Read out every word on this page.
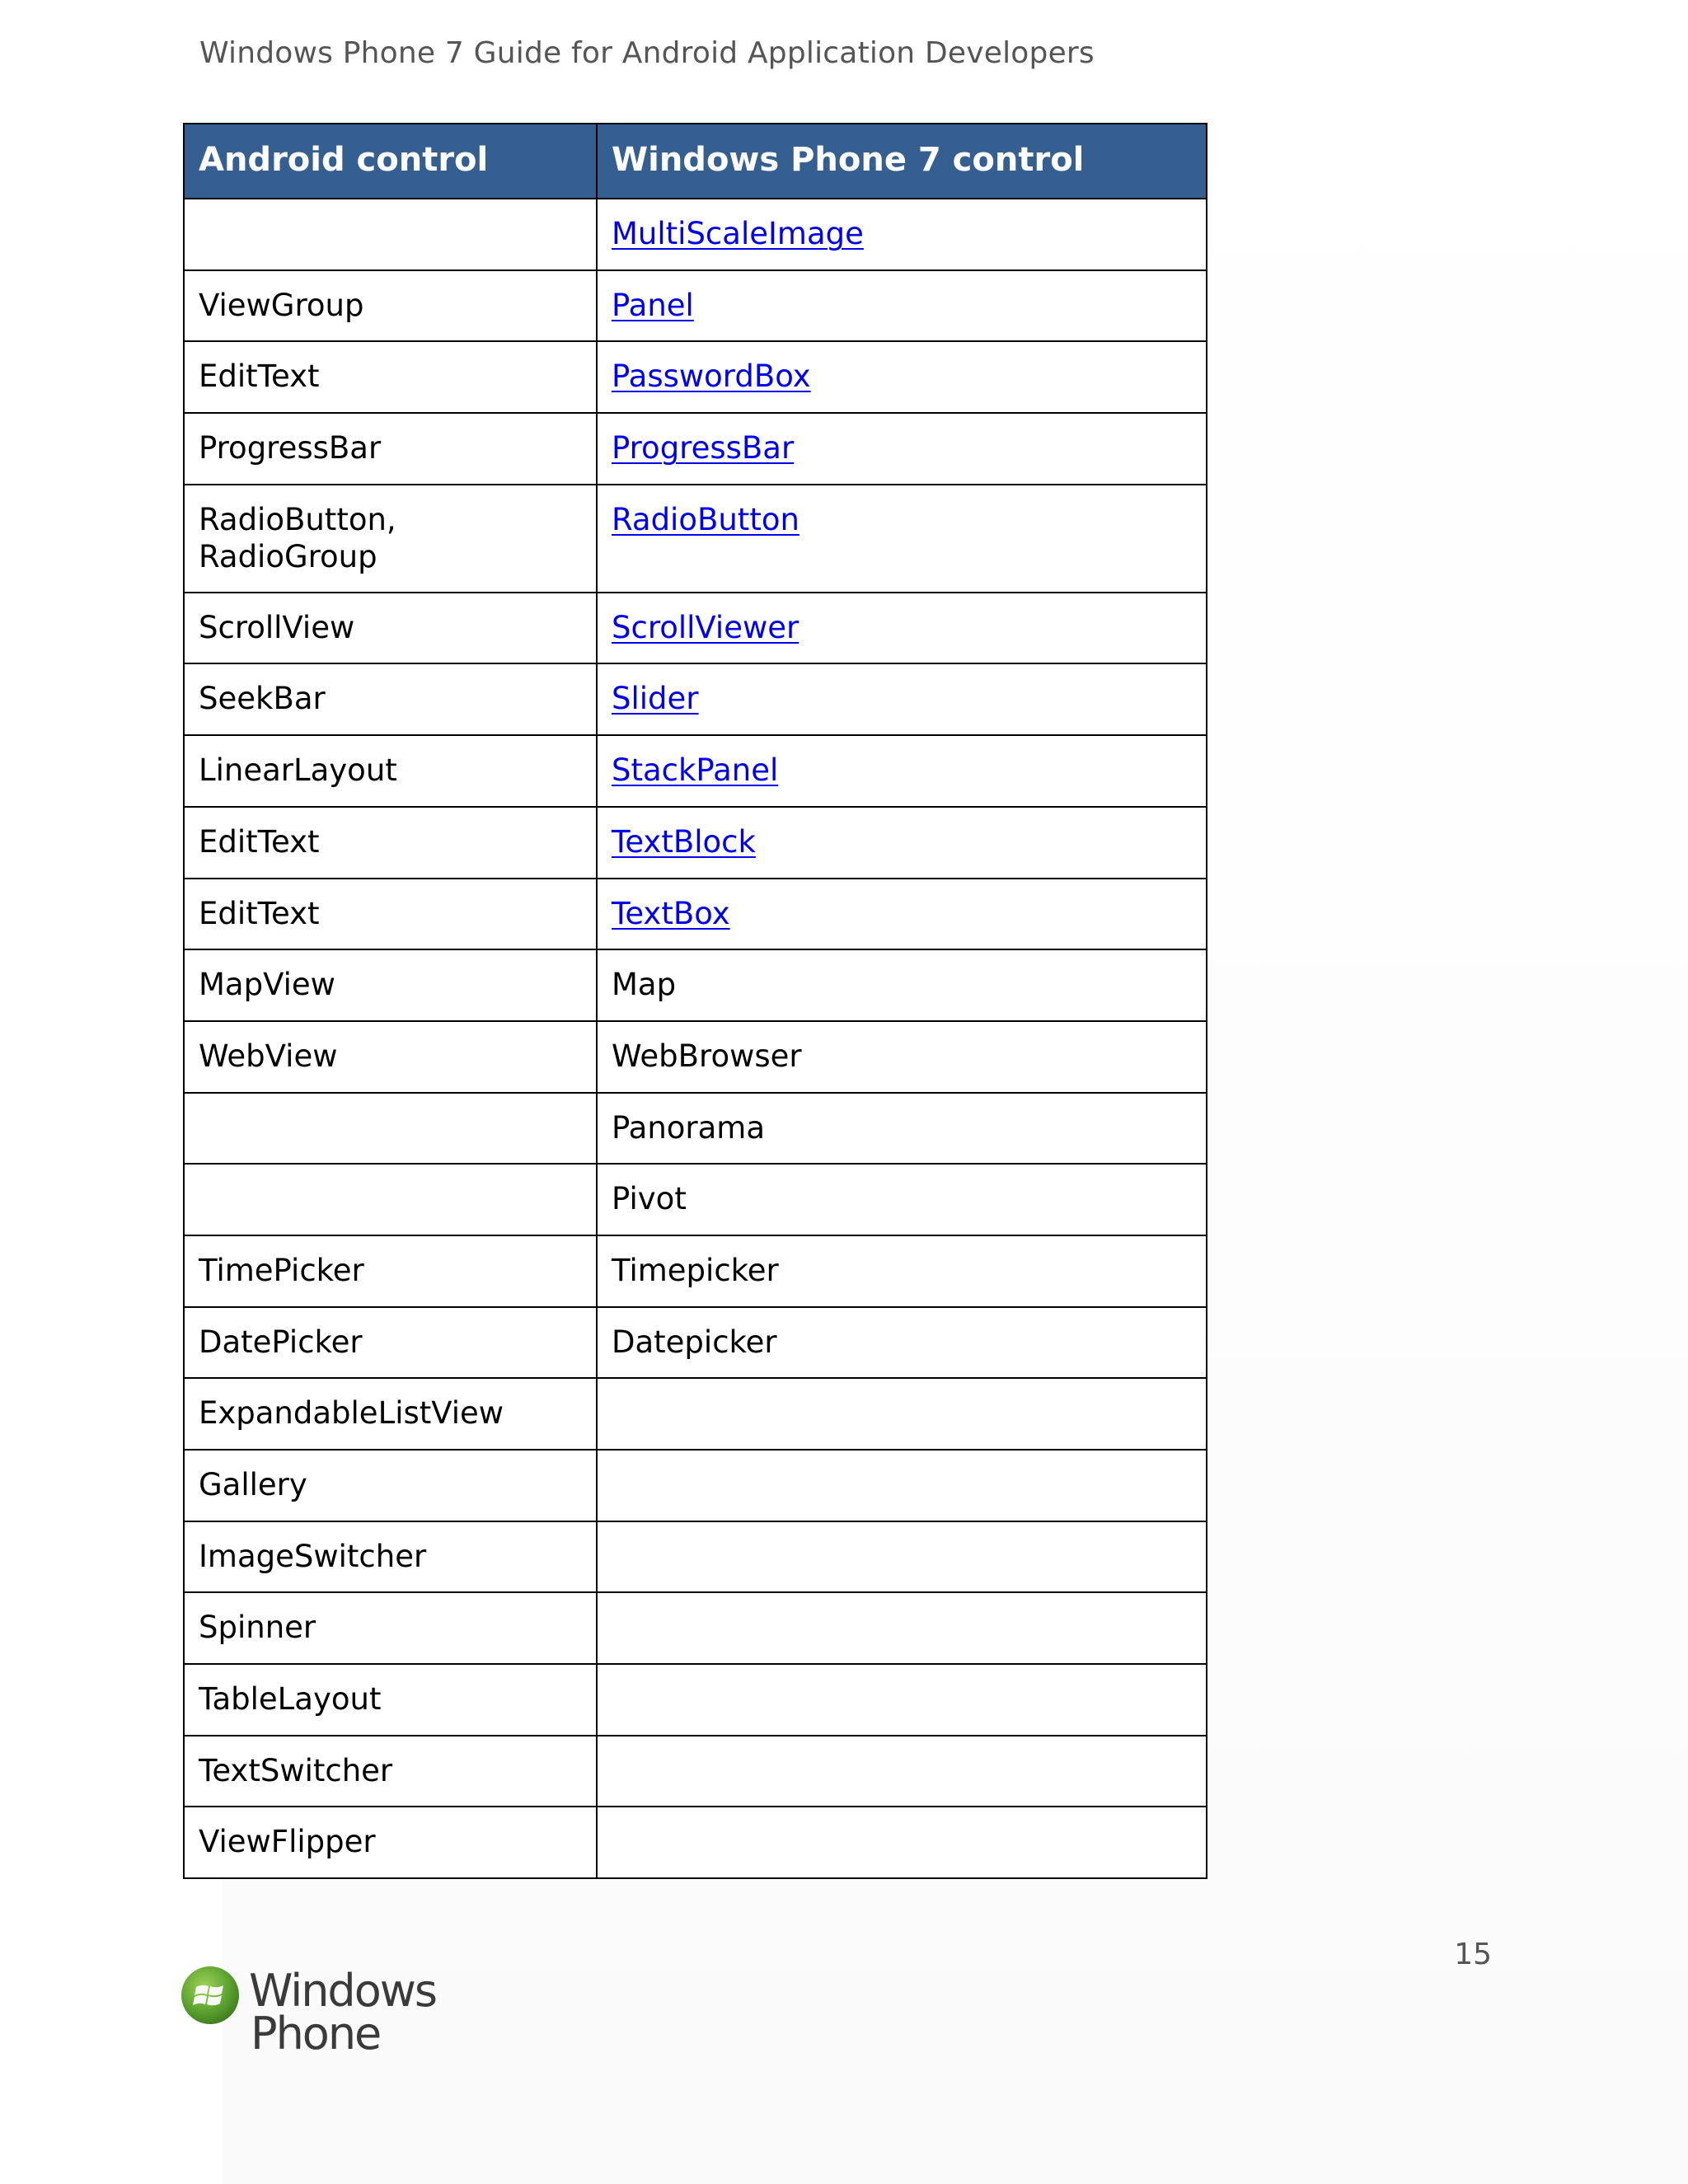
Windows Phone 7 Guide for Android Application Developers
Android control	Windows Phone 7 control
	MultiScaleImage
ViewGroup	Panel
EditText	PasswordBox
ProgressBar	ProgressBar
RadioButton,
RadioGroup	RadioButton
ScrollView	ScrollViewer
SeekBar	Slider
LinearLayout	StackPanel
EditText	TextBlock
EditText	TextBox
MapView	Map
WebView	WebBrowser
	Panorama
	Pivot
TimePicker	Timepicker
DatePicker	Datepicker
ExpandableListView	
Gallery	
ImageSwitcher	
Spinner	
TableLayout	
TextSwitcher	
ViewFlipper	
15
Windows
Phone
